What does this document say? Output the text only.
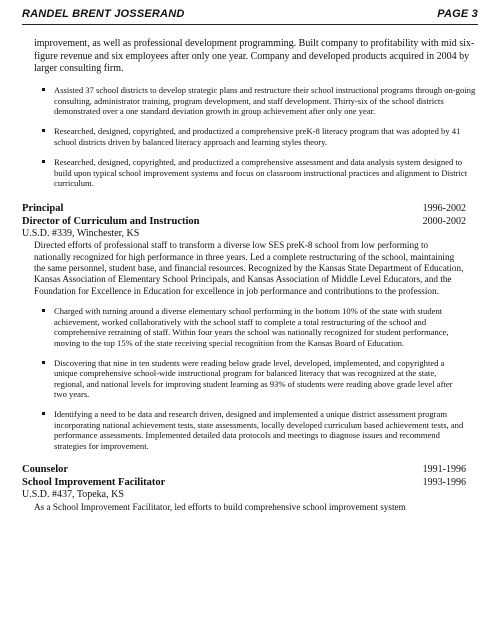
RANDEL BRENT JOSSERAND	PAGE 3

improvement, as well as professional development programming. Built company to profitability with mid six-figure revenue and six employees after only one year. Company and developed products acquired in 2004 by larger consulting firm.

Assisted 37 school districts to develop strategic plans and restructure their school instructional programs through on-going consulting, administrator training, program development, and staff development. Thirty-six of the school districts demonstrated over a one standard deviation growth in group achievement after only one year.
Researched, designed, copyrighted, and productized a comprehensive preK-8 literacy program that was adopted by 41 school districts driven by balanced literacy approach and learning styles theory.
Researched, designed, copyrighted, and productized a comprehensive assessment and data analysis system designed to build upon typical school improvement systems and focus on classroom instructional practices and alignment to District curriculum.
Principal	1996-2002
Director of Curriculum and Instruction	2000-2002
U.S.D. #339, Winchester, KS

Directed efforts of professional staff to transform a diverse low SES preK-8 school from low performing to nationally recognized for high performance in three years. Led a complete restructuring of the school, maintaining the same personnel, student base, and financial resources. Recognized by the Kansas State Department of Education, Kansas Association of Elementary School Principals, and Kansas Association of Middle Level Educators, and the Foundation for Excellence in Education for excellence in job performance and contributions to the profession.

Charged with turning around a diverse elementary school performing in the bottom 10% of the state with student achievement, worked collaboratively with the school staff to complete a total restructuring of the school and comprehensive retraining of staff. Within four years the school was nationally recognized for student performance, moving to the top 15% of the state receiving special recognition from the Kansas Board of Education.
Discovering that nine in ten students were reading below grade level, developed, implemented, and copyrighted a unique comprehensive school-wide instructional program for balanced literacy that was recognized at the state, regional, and national levels for improving student learning as 93% of students were reading above grade level after two years.
Identifying a need to be data and research driven, designed and implemented a unique district assessment program incorporating national achievement tests, state assessments, locally developed curriculum based achievement tests, and performance assessments. Implemented detailed data protocols and meetings to diagnose issues and recommend strategies for improvement.
Counselor	1991-1996
School Improvement Facilitator	1993-1996
U.S.D. #437, Topeka, KS

As a School Improvement Facilitator, led efforts to build comprehensive school improvement system
